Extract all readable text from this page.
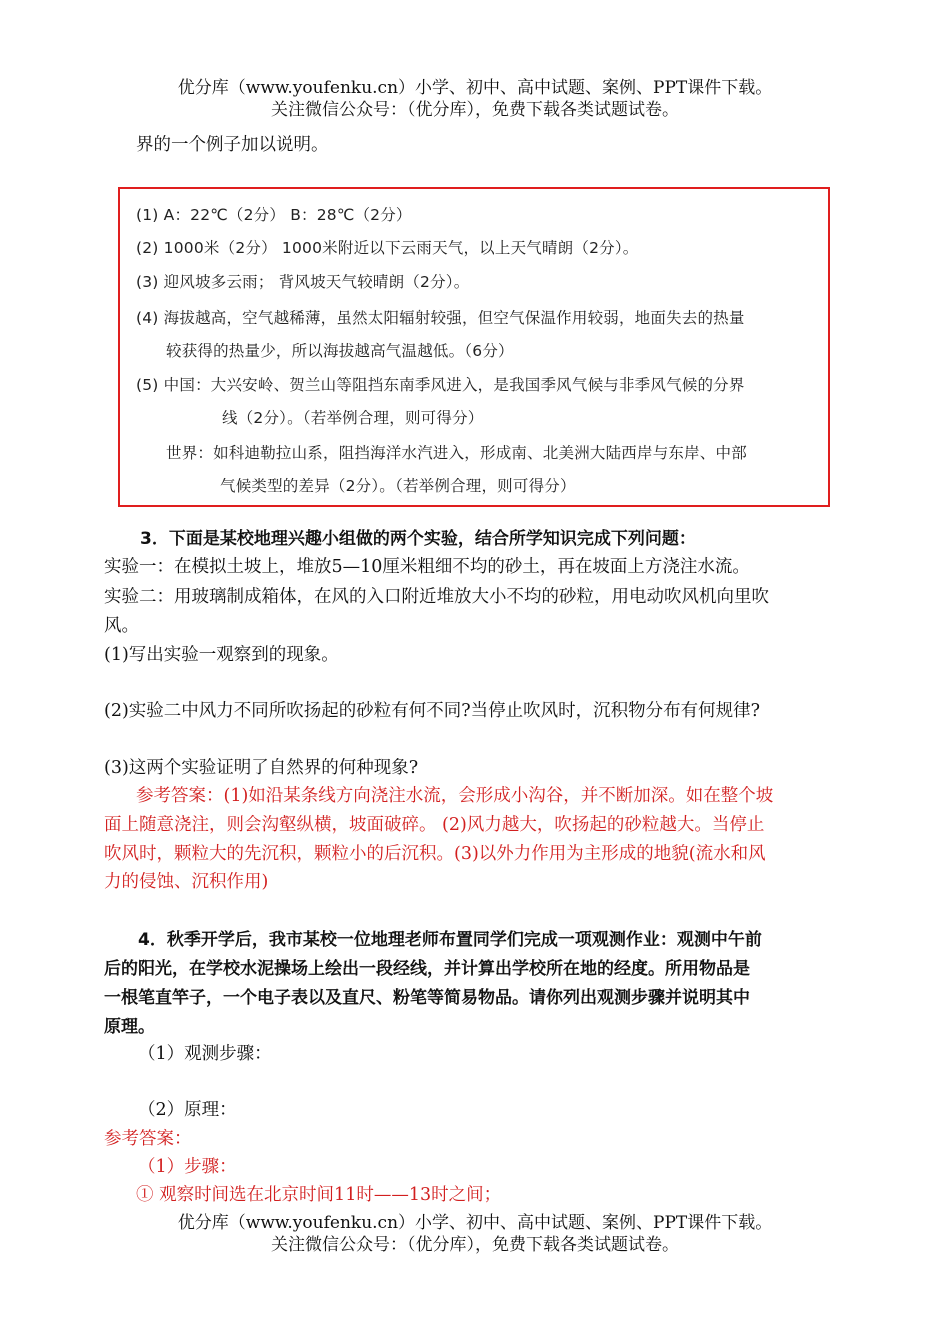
优分库（www.youfenku.cn）小学、初中、高中试题、案例、PPT课件下载。
关注微信公众号：（优分库），免费下载各类试题试卷。
界的一个例子加以说明。
(1) A：22℃（2分） B：28℃（2分）
(2) 1000米（2分） 1000米附近以下云雨天气，以上天气晴朗（2分）。
(3) 迎风坡多云雨； 背风坡天气较晴朗（2分）。
(4) 海拔越高，空气越稀薄，虽然太阳辐射较强，但空气保温作用较弱，地面失去的热量
较获得的热量少，所以海拔越高气温越低。（6分）
(5) 中国：大兴安岭、贺兰山等阻挡东南季风进入，是我国季风气候与非季风气候的分界
线（2分）。（若举例合理，则可得分）
世界：如科迪勒拉山系，阻挡海洋水汽进入，形成南、北美洲大陆西岸与东岸、中部
气候类型的差异（2分）。（若举例合理，则可得分）
3．下面是某校地理兴趣小组做的两个实验，结合所学知识完成下列问题：
实验一：在模拟土坡上，堆放5—10厘米粗细不均的砂土，再在坡面上方浇注水流。
实验二：用玻璃制成箱体，在风的入口附近堆放大小不均的砂粒，用电动吹风机向里吹
风。
(1)写出实验一观察到的现象。
(2)实验二中风力不同所吹扬起的砂粒有何不同?当停止吹风时，沉积物分布有何规律?
(3)这两个实验证明了自然界的何种现象?
参考答案：(1)如沿某条线方向浇注水流，会形成小沟谷，并不断加深。如在整个坡
面上随意浇注，则会沟壑纵横，坡面破碎。 (2)风力越大，吹扬起的砂粒越大。当停止
吹风时，颗粒大的先沉积，颗粒小的后沉积。(3)以外力作用为主形成的地貌(流水和风
力的侵蚀、沉积作用)
4．秋季开学后，我市某校一位地理老师布置同学们完成一项观测作业：观测中午前
后的阳光，在学校水泥操场上绘出一段经线，并计算出学校所在地的经度。所用物品是
一根笔直竿子，一个电子表以及直尺、粉笔等简易物品。请你列出观测步骤并说明其中
原理。
（1）观测步骤：
（2）原理：
参考答案：
（1）步骤：
① 观察时间选在北京时间11时——13时之间；
优分库（www.youfenku.cn）小学、初中、高中试题、案例、PPT课件下载。
关注微信公众号：（优分库），免费下载各类试题试卷。
